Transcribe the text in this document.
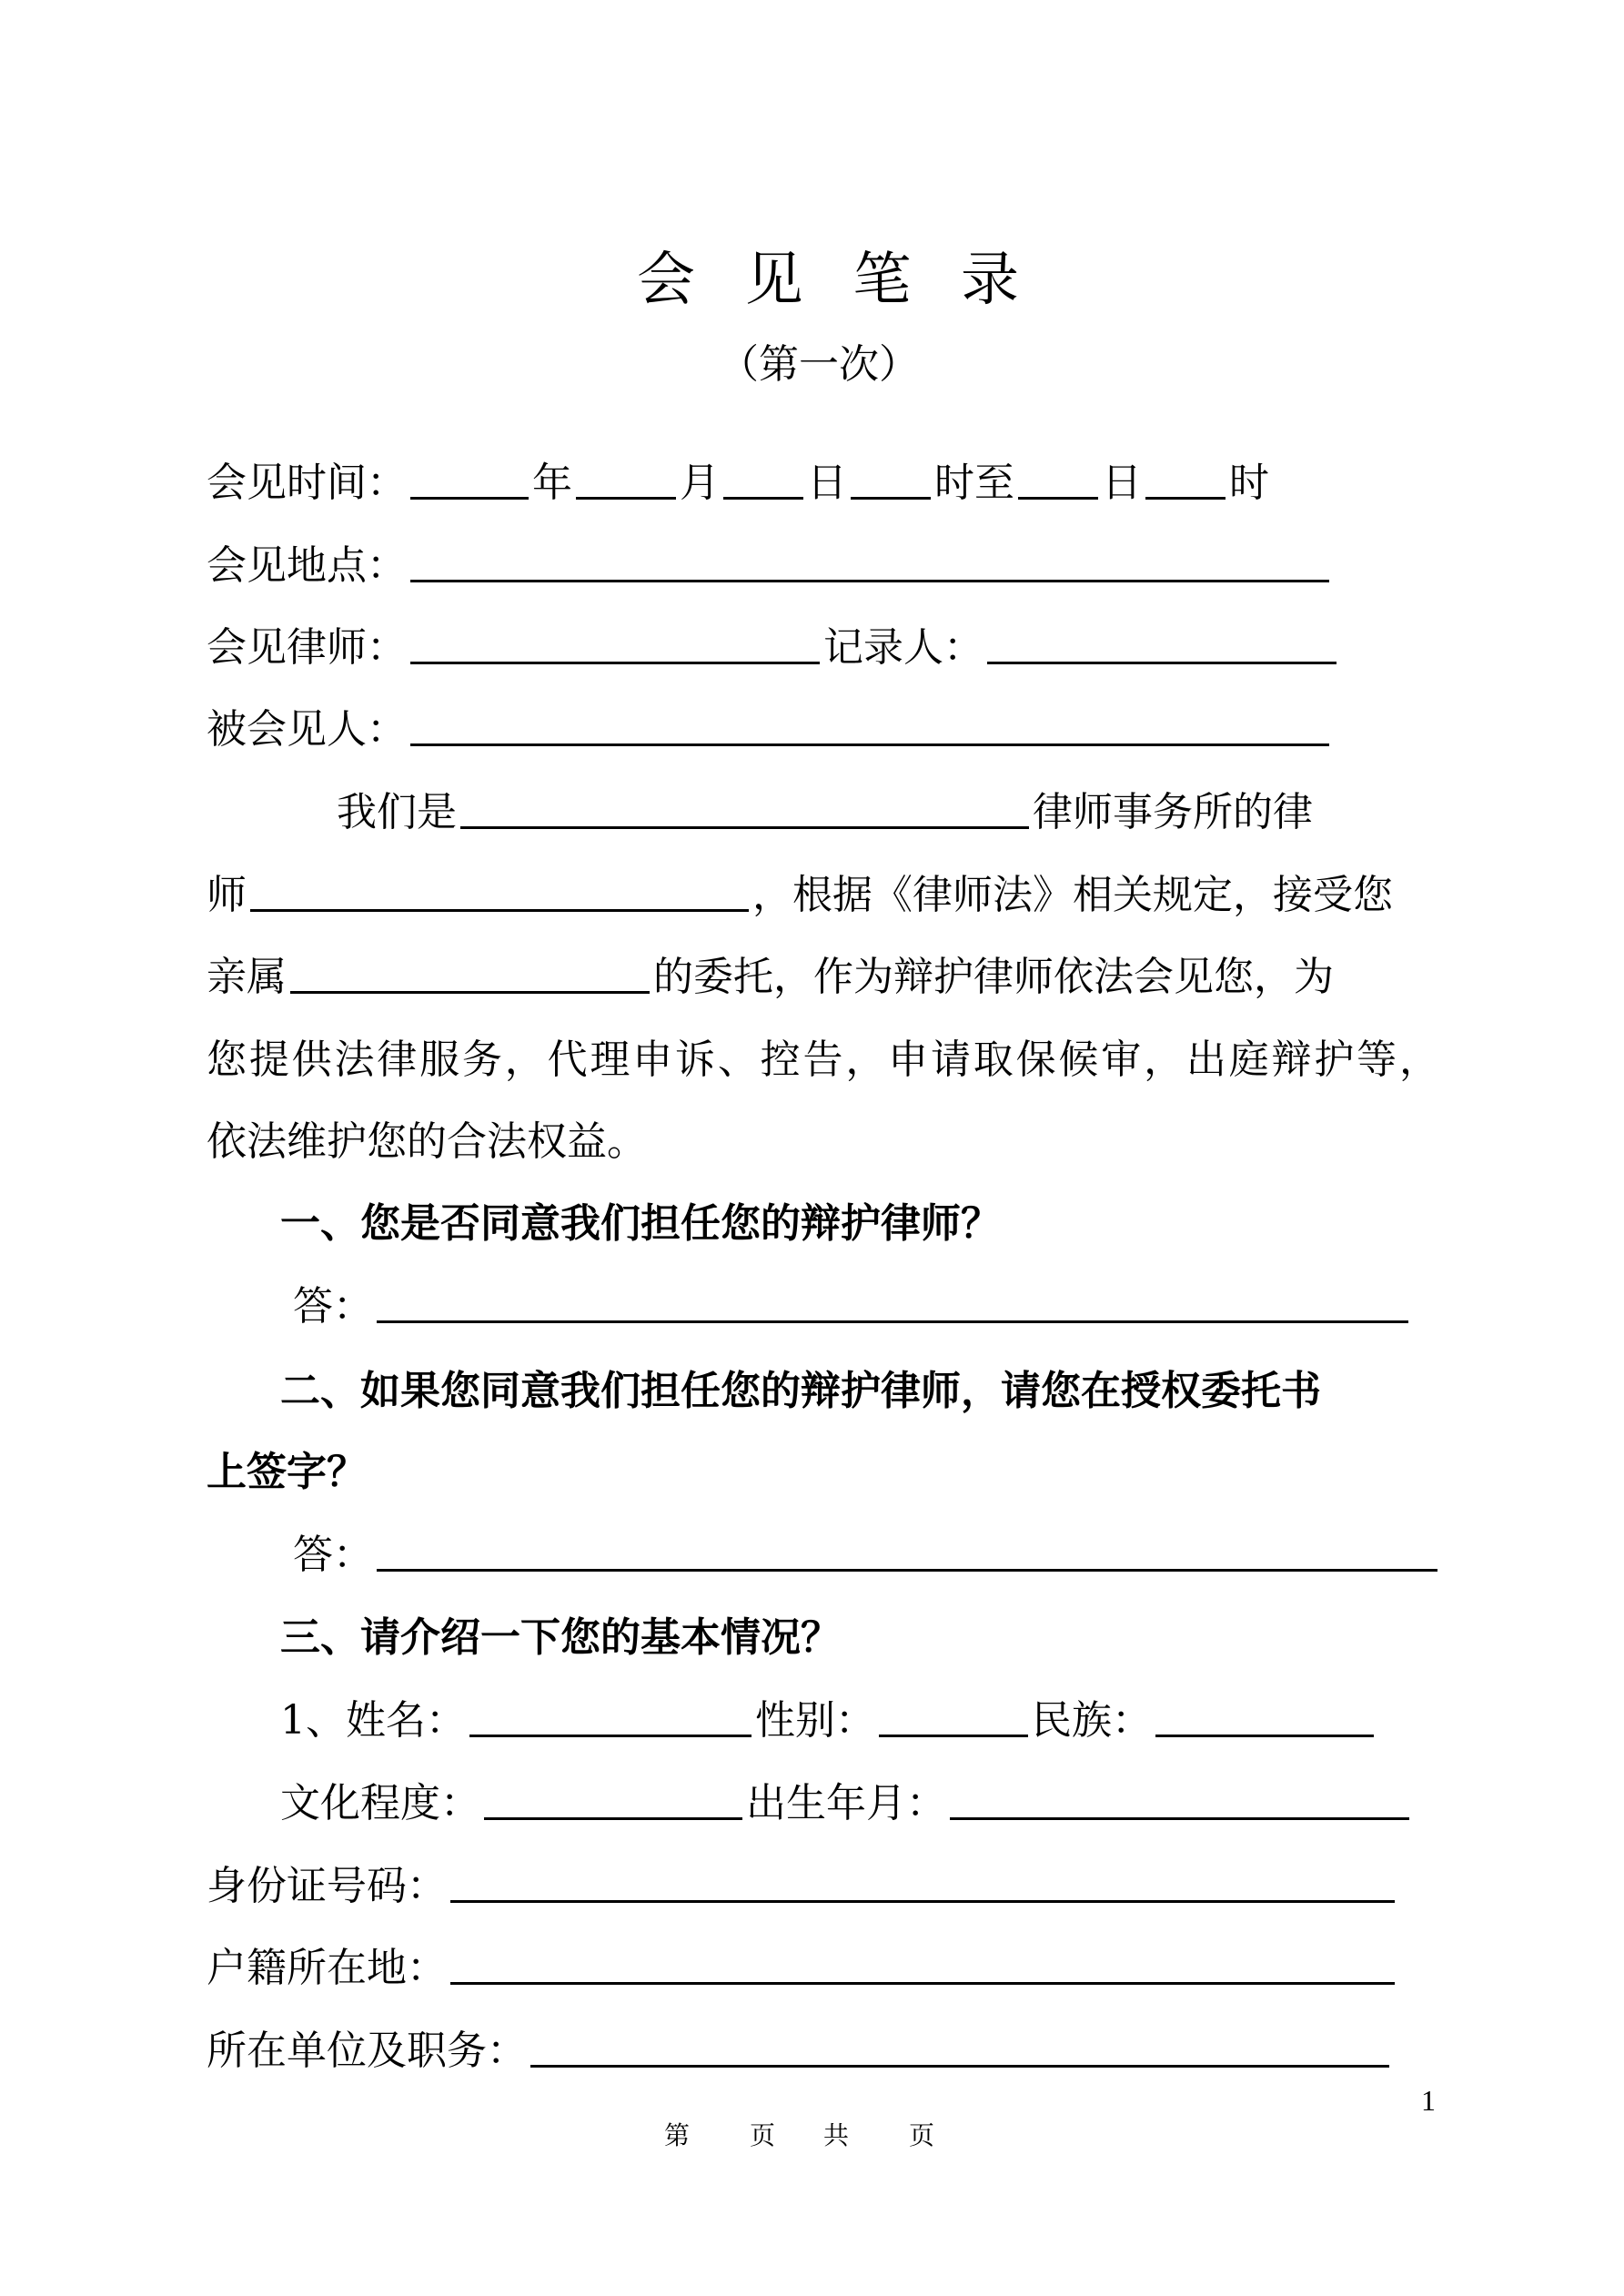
会 见 笔 录
（第一次）
会见时间：	年	月 日 时至 日 时
会见地点：
会见律师：	记录人：
被会见人：
我们是	律师事务所的律
师	，根据《律师法》相关规定，接受您
亲属	的委托，作为辩护律师依法会见您，为
您提供法律服务，代理申诉、控告，申请取保候审，出庭辩护等，
依法维护您的合法权益。
一、您是否同意我们担任您的辩护律师？
答：
二、如果您同意我们担任您的辩护律师，请您在授权委托书
上签字？
答：
三、请介绍一下您的基本情况？
1、姓名：	性别：	民族：
文化程度：	出生年月：
身份证号码：
户籍所在地：
所在单位及职务：
1
第 页 共 页
